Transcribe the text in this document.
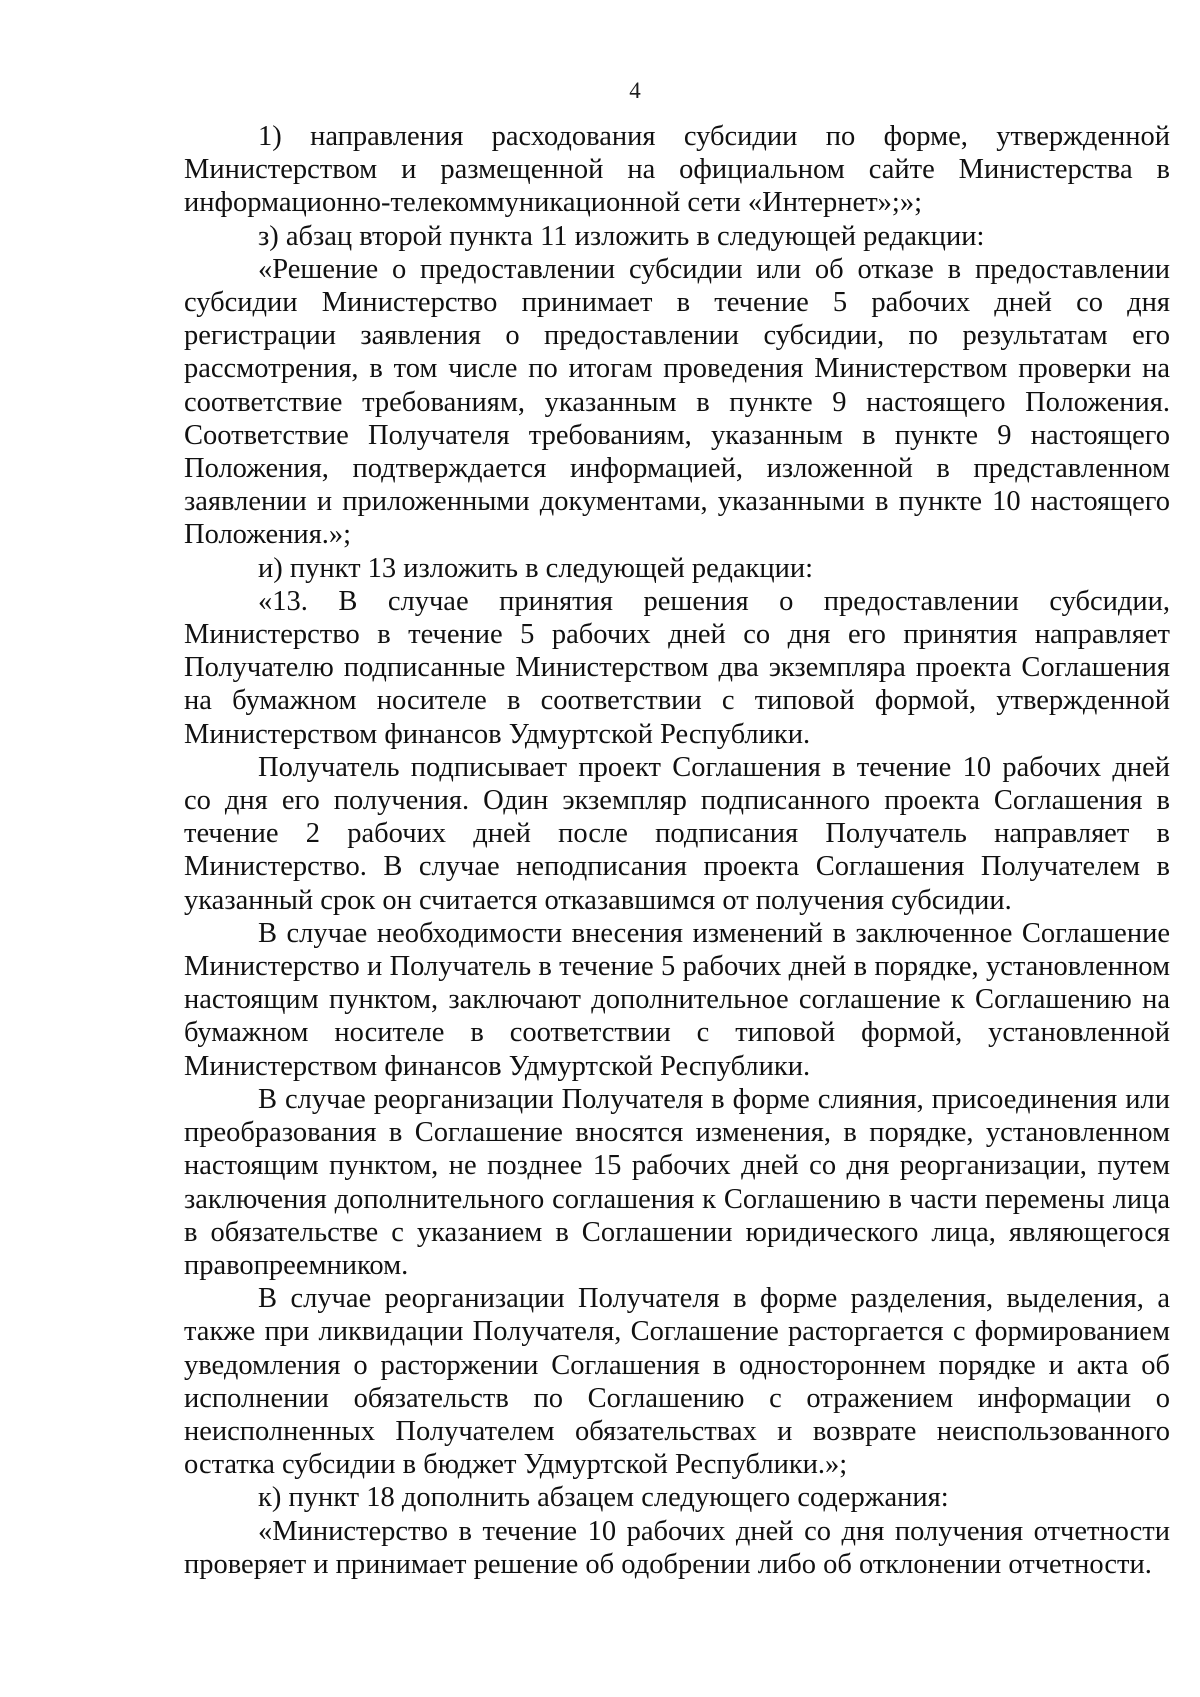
4

1) направления расходования субсидии по форме, утвержденной Министерством и размещенной на официальном сайте Министерства в информационно-телекоммуникационной сети «Интернет»;»;

з) абзац второй пункта 11 изложить в следующей редакции:

«Решение о предоставлении субсидии или об отказе в предоставлении субсидии Министерство принимает в течение 5 рабочих дней со дня регистрации заявления о предоставлении субсидии, по результатам его рассмотрения, в том числе по итогам проведения Министерством проверки на соответствие требованиям, указанным в пункте 9 настоящего Положения. Соответствие Получателя требованиям, указанным в пункте 9 настоящего Положения, подтверждается информацией, изложенной в представленном заявлении и приложенными документами, указанными в пункте 10 настоящего Положения.»;

и) пункт 13 изложить в следующей редакции:

«13. В случае принятия решения о предоставлении субсидии, Министерство в течение 5 рабочих дней со дня его принятия направляет Получателю подписанные Министерством два экземпляра проекта Соглашения на бумажном носителе в соответствии с типовой формой, утвержденной Министерством финансов Удмуртской Республики.

Получатель подписывает проект Соглашения в течение 10 рабочих дней со дня его получения. Один экземпляр подписанного проекта Соглашения в течение 2 рабочих дней после подписания Получатель направляет в Министерство. В случае неподписания проекта Соглашения Получателем в указанный срок он считается отказавшимся от получения субсидии.

В случае необходимости внесения изменений в заключенное Соглашение Министерство и Получатель в течение 5 рабочих дней в порядке, установленном настоящим пунктом, заключают дополнительное соглашение к Соглашению на бумажном носителе в соответствии с типовой формой, установленной Министерством финансов Удмуртской Республики.

В случае реорганизации Получателя в форме слияния, присоединения или преобразования в Соглашение вносятся изменения, в порядке, установленном настоящим пунктом, не позднее 15 рабочих дней со дня реорганизации, путем заключения дополнительного соглашения к Соглашению в части перемены лица в обязательстве с указанием в Соглашении юридического лица, являющегося правопреемником.

В случае реорганизации Получателя в форме разделения, выделения, а также при ликвидации Получателя, Соглашение расторгается с формированием уведомления о расторжении Соглашения в одностороннем порядке и акта об исполнении обязательств по Соглашению с отражением информации о неисполненных Получателем обязательствах и возврате неиспользованного остатка субсидии в бюджет Удмуртской Республики.»;

к) пункт 18 дополнить абзацем следующего содержания:

«Министерство в течение 10 рабочих дней со дня получения отчетности проверяет и принимает решение об одобрении либо об отклонении отчетности.
